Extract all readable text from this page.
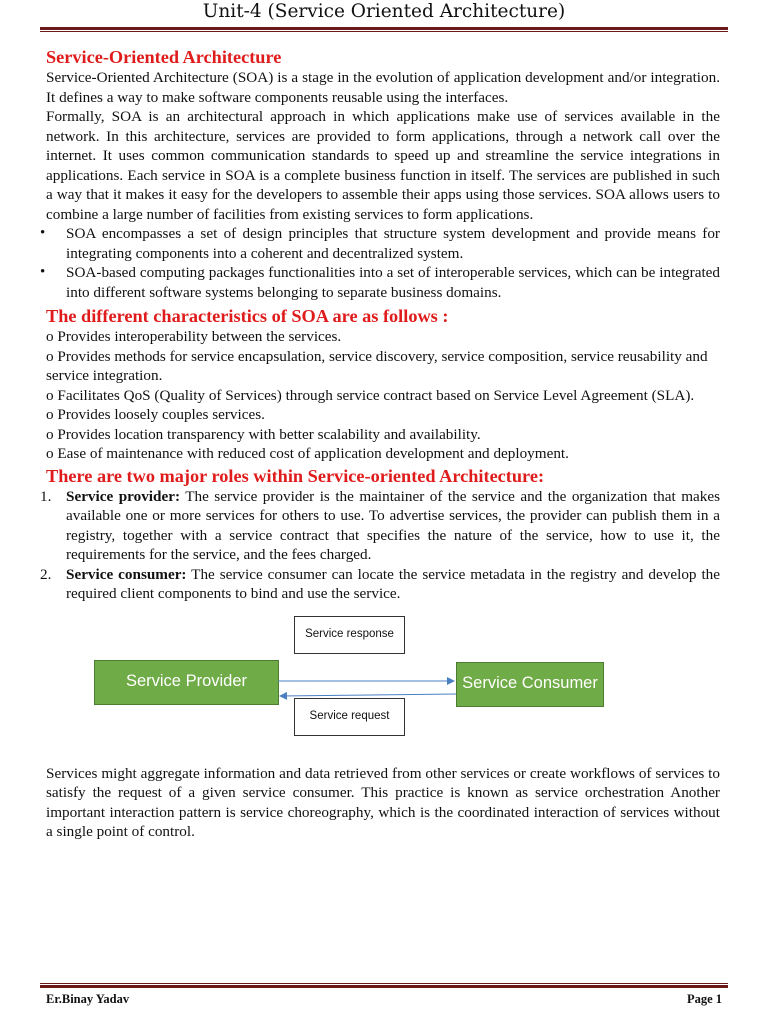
Unit-4 (Service Oriented Architecture)
Service-Oriented Architecture

Service-Oriented Architecture (SOA) is a stage in the evolution of application development and/or integration. It defines a way to make software components reusable using the interfaces.

Formally, SOA is an architectural approach in which applications make use of services available in the network. In this architecture, services are provided to form applications, through a network call over the internet. It uses common communication standards to speed up and streamline the service integrations in applications. Each service in SOA is a complete business function in itself. The services are published in such a way that it makes it easy for the developers to assemble their apps using those services. SOA allows users to combine a large number of facilities from existing services to form applications.

• SOA encompasses a set of design principles that structure system development and provide means for integrating components into a coherent and decentralized system.
• SOA-based computing packages functionalities into a set of interoperable services, which can be integrated into different software systems belonging to separate business domains.
The different characteristics of SOA are as follows :

o Provides interoperability between the services.

o Provides methods for service encapsulation, service discovery, service composition, service reusability and service integration.

o Facilitates QoS (Quality of Services) through service contract based on Service Level Agreement (SLA).

o Provides loosely couples services.

o Provides location transparency with better scalability and availability.

o Ease of maintenance with reduced cost of application development and deployment.

There are two major roles within Service-oriented Architecture:
1. Service provider: The service provider is the maintainer of the service and the organization that makes available one or more services for others to use. To advertise services, the provider can publish them in a registry, together with a service contract that specifies the nature of the service, how to use it, the requirements for the service, and the fees charged.
2. Service consumer: The service consumer can locate the service metadata in the registry and develop the required client components to bind and use the service.
Service Provider	Service Consumer
Service response
Service request

Services might aggregate information and data retrieved from other services or create workflows of services to satisfy the request of a given service consumer. This practice is known as service orchestration Another important interaction pattern is service choreography, which is the coordinated interaction of services without a single point of control.

Er.Binay Yadav	Page 1
